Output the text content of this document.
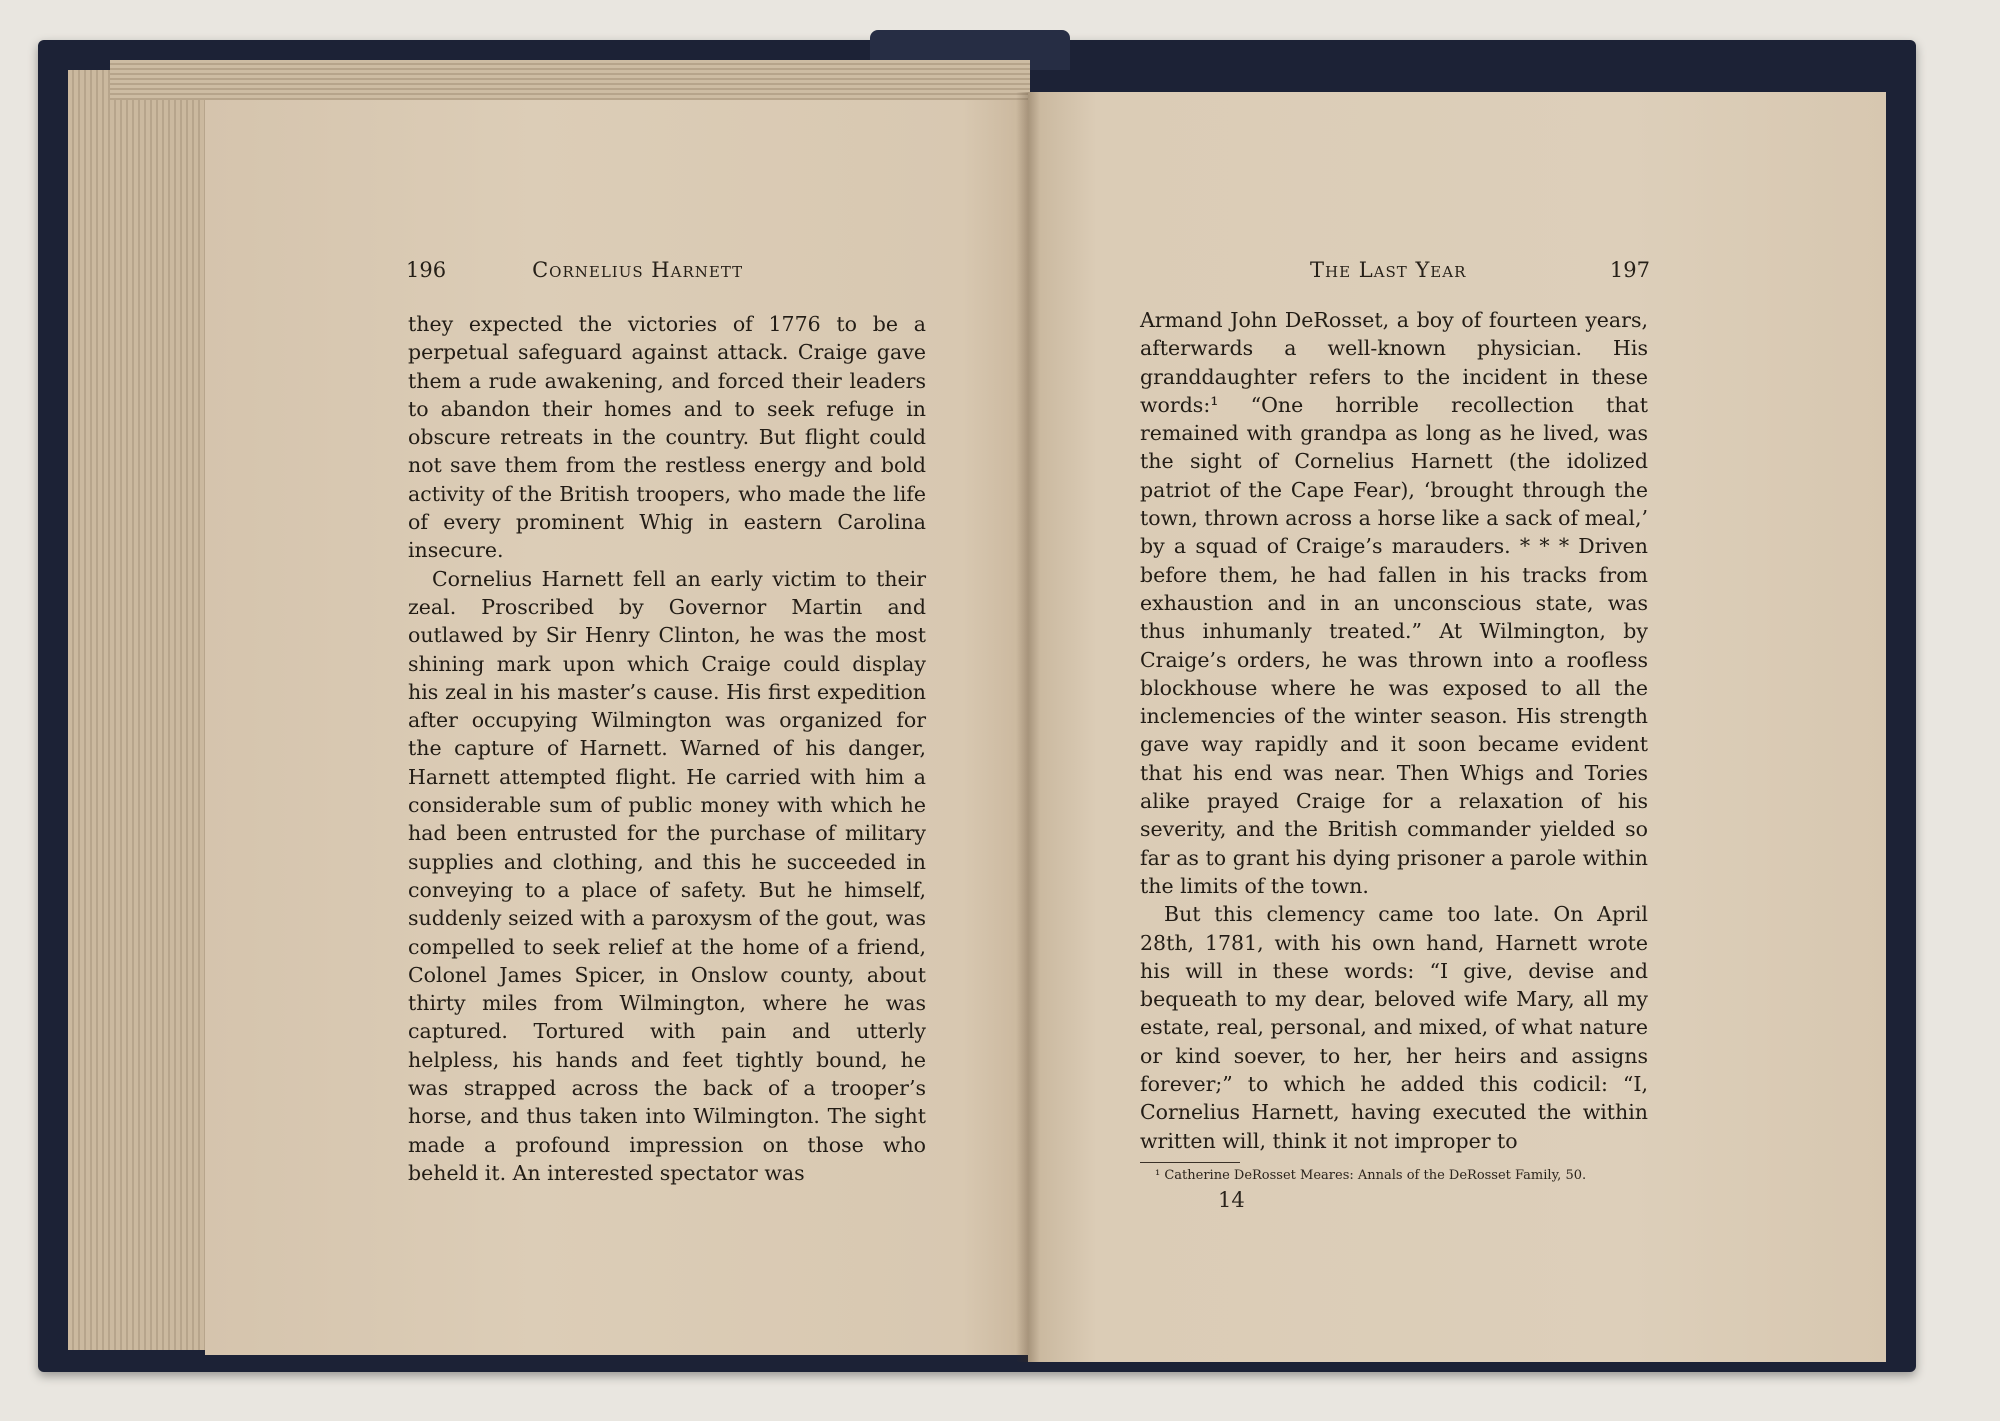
196	Cornelius Harnett	The Last Year	197

they expected the victories of 1776 to be a perpetual safeguard against attack. Craige gave them a rude awakening, and forced their leaders to abandon their homes and to seek refuge in obscure retreats in the country. But flight could not save them from the restless energy and bold activity of the British troopers, who made the life of every prominent Whig in eastern Carolina insecure.

Cornelius Harnett fell an early victim to their zeal. Proscribed by Governor Martin and outlawed by Sir Henry Clinton, he was the most shining mark upon which Craige could display his zeal in his master’s cause. His first expedition after occupying Wilmington was organized for the capture of Harnett. Warned of his danger, Harnett attempted flight. He carried with him a considerable sum of public money with which he had been entrusted for the purchase of military supplies and clothing, and this he succeeded in conveying to a place of safety. But he himself, suddenly seized with a paroxysm of the gout, was compelled to seek relief at the home of a friend, Colonel James Spicer, in Onslow county, about thirty miles from Wilmington, where he was captured. Tortured with pain and utterly helpless, his hands and feet tightly bound, he was strapped across the back of a trooper’s horse, and thus taken into Wilmington. The sight made a profound impression on those who beheld it. An interested spectator was

Armand John DeRosset, a boy of fourteen years, afterwards a well-known physician. His granddaughter refers to the incident in these words:¹ “One horrible recollection that remained with grandpa as long as he lived, was the sight of Cornelius Harnett (the idolized patriot of the Cape Fear), ‘brought through the town, thrown across a horse like a sack of meal,’ by a squad of Craige’s marauders. * * * Driven before them, he had fallen in his tracks from exhaustion and in an unconscious state, was thus inhumanly treated.” At Wilmington, by Craige’s orders, he was thrown into a roofless blockhouse where he was exposed to all the inclemencies of the winter season. His strength gave way rapidly and it soon became evident that his end was near. Then Whigs and Tories alike prayed Craige for a relaxation of his severity, and the British commander yielded so far as to grant his dying prisoner a parole within the limits of the town.

But this clemency came too late. On April 28th, 1781, with his own hand, Harnett wrote his will in these words: “I give, devise and bequeath to my dear, beloved wife Mary, all my estate, real, personal, and mixed, of what nature or kind soever, to her, her heirs and assigns forever;” to which he added this codicil: “I, Cornelius Harnett, having executed the within written will, think it not improper to

¹ Catherine DeRosset Meares: Annals of the DeRosset Family, 50.
14
